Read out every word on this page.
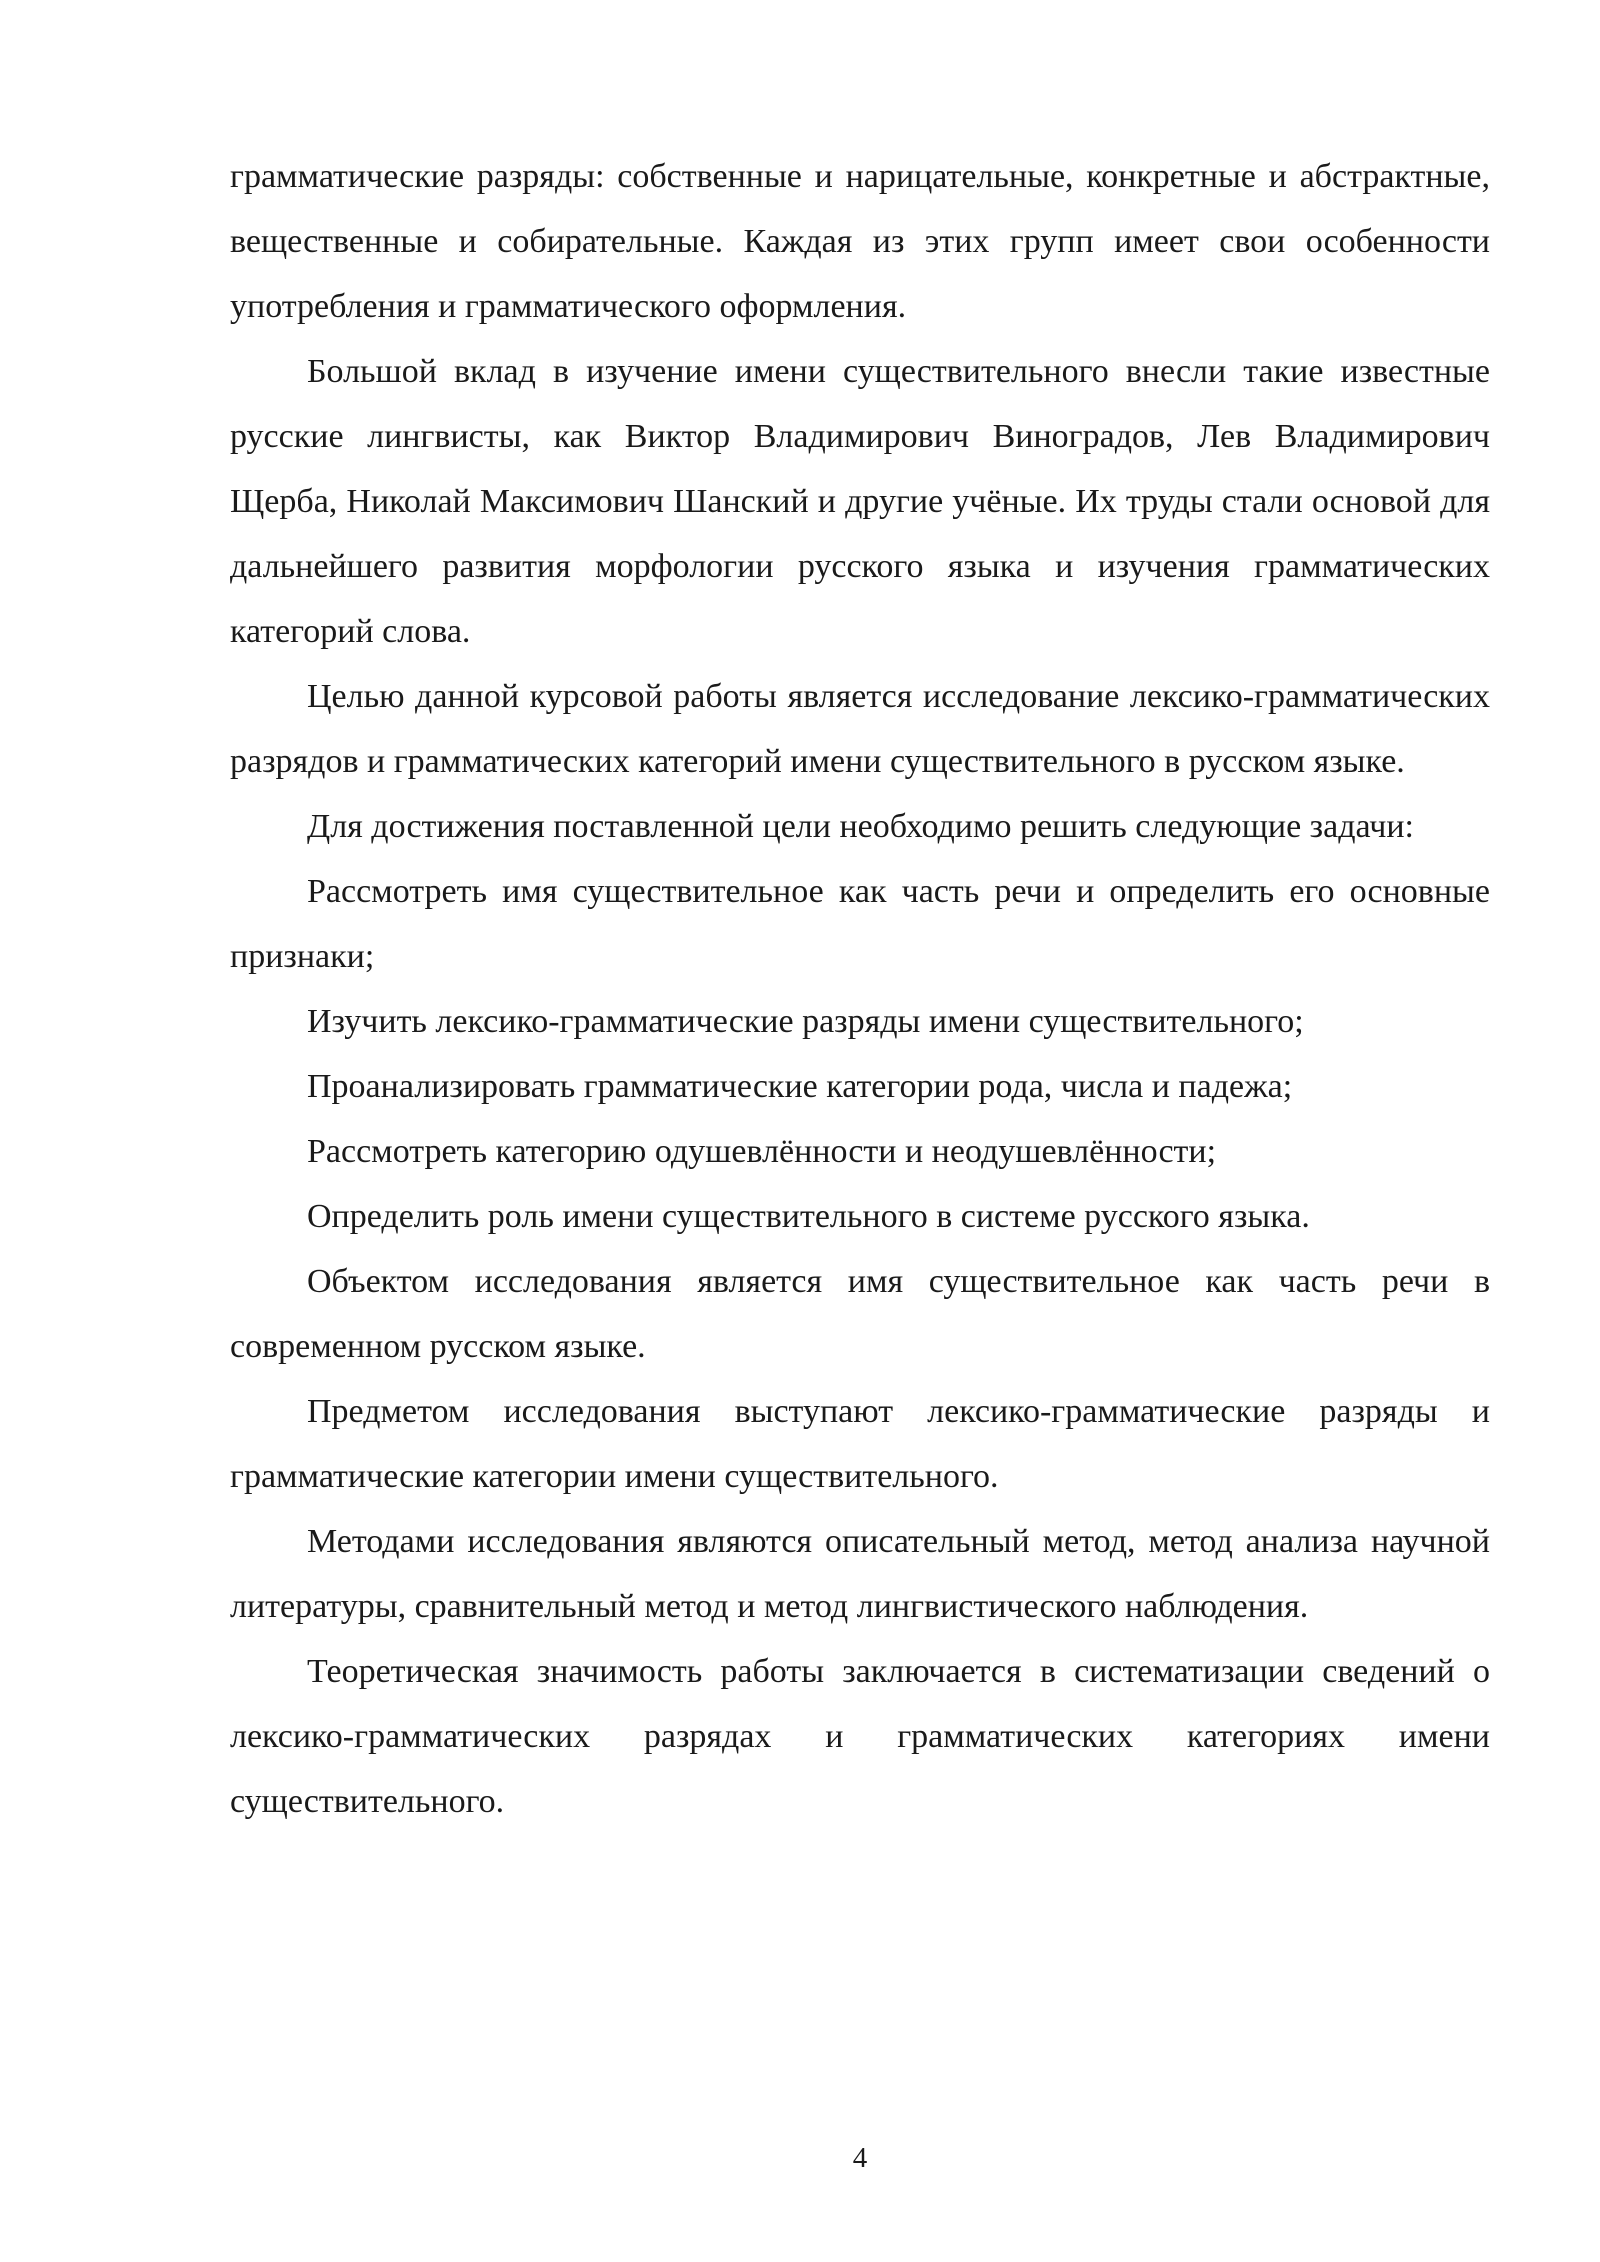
грамматические разряды: собственные и нарицательные, конкретные и абстрактные, вещественные и собирательные. Каждая из этих групп имеет свои особенности употребления и грамматического оформления.

Большой вклад в изучение имени существительного внесли такие известные русские лингвисты, как Виктор Владимирович Виноградов, Лев Владимирович Щерба, Николай Максимович Шанский и другие учёные. Их труды стали основой для дальнейшего развития морфологии русского языка и изучения грамматических категорий слова.

Целью данной курсовой работы является исследование лексико-грамматических разрядов и грамматических категорий имени существительного в русском языке.

Для достижения поставленной цели необходимо решить следующие задачи:

Рассмотреть имя существительное как часть речи и определить его основные признаки;

Изучить лексико-грамматические разряды имени существительного;

Проанализировать грамматические категории рода, числа и падежа;

Рассмотреть категорию одушевлённости и неодушевлённости;

Определить роль имени существительного в системе русского языка.

Объектом исследования является имя существительное как часть речи в современном русском языке.

Предметом исследования выступают лексико-грамматические разряды и грамматические категории имени существительного.

Методами исследования являются описательный метод, метод анализа научной литературы, сравнительный метод и метод лингвистического наблюдения.

Теоретическая значимость работы заключается в систематизации сведений о лексико-грамматических разрядах и грамматических категориях имени существительного.

4
